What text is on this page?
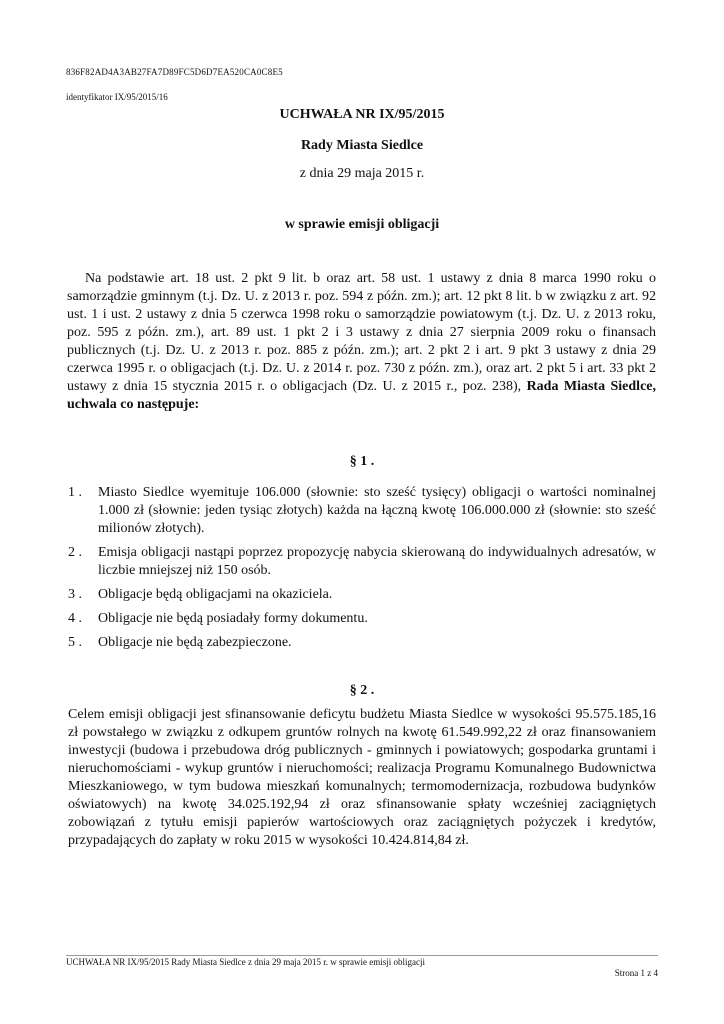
836F82AD4A3AB27FA7D89FC5D6D7EA520CA0C8E5
identyfikator IX/95/2015/16
UCHWAŁA NR IX/95/2015
Rady Miasta Siedlce
z dnia 29 maja 2015 r.
w sprawie emisji obligacji

Na podstawie art. 18 ust. 2 pkt 9 lit. b oraz art. 58 ust. 1 ustawy z dnia 8 marca 1990 roku o samorządzie gminnym (t.j. Dz. U. z 2013 r. poz. 594 z późn. zm.); art. 12 pkt 8 lit. b w związku z art. 92 ust. 1 i ust. 2 ustawy z dnia 5 czerwca 1998 roku o samorządzie powiatowym (t.j. Dz. U. z 2013 roku, poz. 595 z późn. zm.), art. 89 ust. 1 pkt 2 i 3 ustawy z dnia 27 sierpnia 2009 roku o finansach publicznych (t.j. Dz. U. z 2013 r. poz. 885 z późn. zm.); art. 2 pkt 2 i art. 9 pkt 3 ustawy z dnia 29 czerwca 1995 r. o obligacjach (t.j. Dz. U. z 2014 r. poz. 730 z późn. zm.), oraz art. 2 pkt 5 i art. 33 pkt 2 ustawy z dnia 15 stycznia 2015 r. o obligacjach (Dz. U. z 2015 r., poz. 238), Rada Miasta Siedlce, uchwala co następuje:

§ 1 .
1 .	Miasto Siedlce wyemituje 106.000 (słownie: sto sześć tysięcy) obligacji o wartości nominalnej 1.000 zł (słownie: jeden tysiąc złotych) każda na łączną kwotę 106.000.000 zł (słownie: sto sześć milionów złotych).
2 .	Emisja obligacji nastąpi poprzez propozycję nabycia skierowaną do indywidualnych adresatów, w liczbie mniejszej niż 150 osób.
3 .	Obligacje będą obligacjami na okaziciela.
4 .	Obligacje nie będą posiadały formy dokumentu.
5 .	Obligacje nie będą zabezpieczone.
§ 2 .

Celem emisji obligacji jest sfinansowanie deficytu budżetu Miasta Siedlce w wysokości 95.575.185,16 zł powstałego w związku z odkupem gruntów rolnych na kwotę 61.549.992,22 zł oraz finansowaniem inwestycji (budowa i przebudowa dróg publicznych - gminnych i powiatowych; gospodarka gruntami i nieruchomościami - wykup gruntów i nieruchomości; realizacja Programu Komunalnego Budownictwa Mieszkaniowego, w tym budowa mieszkań komunalnych; termomodernizacja, rozbudowa budynków oświatowych) na kwotę 34.025.192,94 zł oraz sfinansowanie spłaty wcześniej zaciągniętych zobowiązań z tytułu emisji papierów wartościowych oraz zaciągniętych pożyczek i kredytów, przypadających do zapłaty w roku 2015 w wysokości 10.424.814,84 zł.

UCHWAŁA NR IX/95/2015 Rady Miasta Siedlce z dnia 29 maja 2015 r. w sprawie emisji obligacji
Strona 1 z 4
